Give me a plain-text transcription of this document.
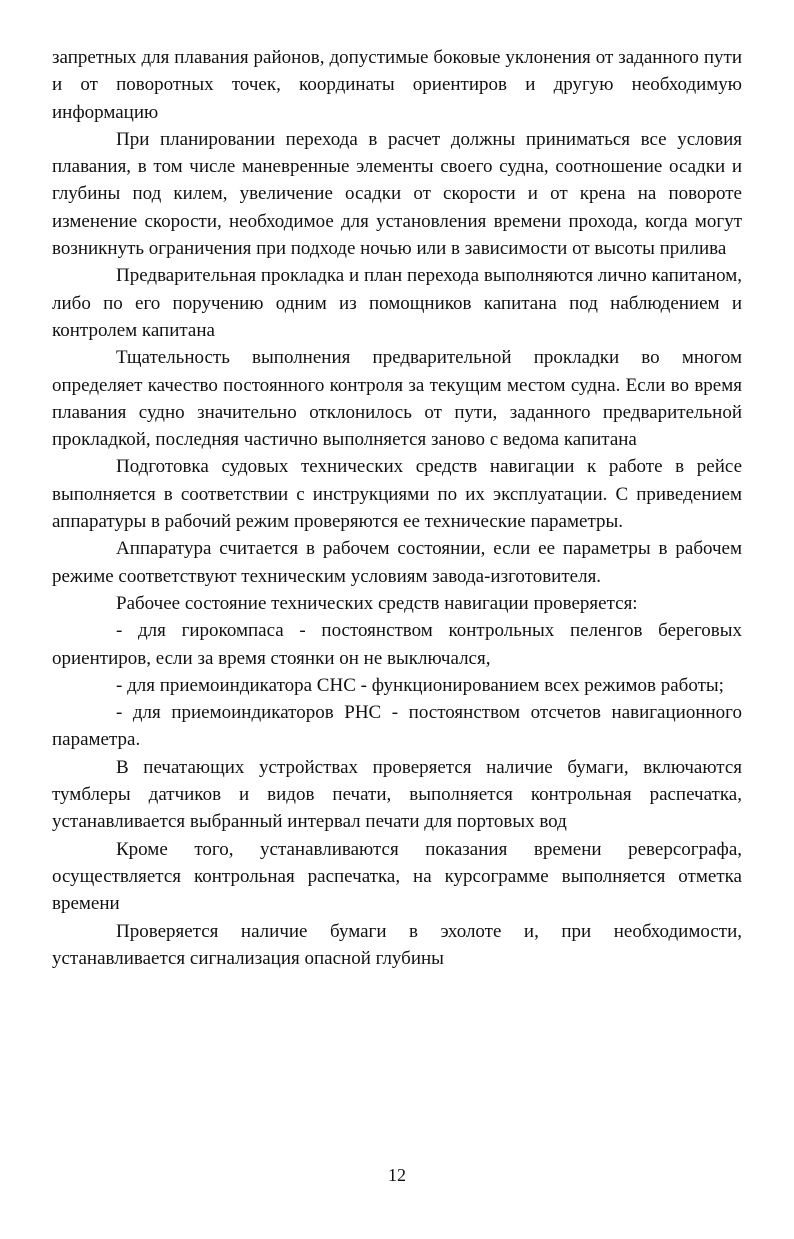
запретных для плавания районов, допустимые боковые уклонения от заданного пути и от поворотных точек, координаты ориентиров и другую необходимую информацию

При планировании перехода в расчет должны приниматься все условия плавания, в том числе маневренные элементы своего судна, соотношение осадки и глубины под килем, увеличение осадки от скорости и от крена на повороте изменение скорости, необходимое для установления времени прохода, когда могут возникнуть ограничения при подходе ночью или в зависимости от высоты прилива

Предварительная прокладка и план перехода выполняются лично капитаном, либо по его поручению одним из помощников капитана под наблюдением и контролем капитана

Тщательность выполнения предварительной прокладки во многом определяет качество постоянного контроля за текущим местом судна. Если во время плавания судно значительно отклонилось от пути, заданного предварительной прокладкой, последняя частично выполняется заново с ведома капитана

Подготовка судовых технических средств навигации к работе в рейсе выполняется в соответствии с инструкциями по их эксплуатации. С приведением аппаратуры в рабочий режим проверяются ее технические параметры.

Аппаратура считается в рабочем состоянии, если ее параметры в рабочем режиме соответствуют техническим условиям завода-изготовителя.

Рабочее состояние технических средств навигации проверяется:

- для гирокомпаса - постоянством контрольных пеленгов береговых ориентиров, если за время стоянки он не выключался,

- для приемоиндикатора СНС - функционированием всех режимов работы;

- для приемоиндикаторов РНС - постоянством отсчетов навигационного параметра.

В печатающих устройствах проверяется наличие бумаги, включаются тумблеры датчиков и видов печати, выполняется контрольная распечатка, устанавливается выбранный интервал печати для портовых вод

Кроме того, устанавливаются показания времени реверсографа, осуществляется контрольная распечатка, на курсограмме выполняется отметка времени

Проверяется наличие бумаги в эхолоте и, при необходимости, устанавливается сигнализация опасной глубины

12
